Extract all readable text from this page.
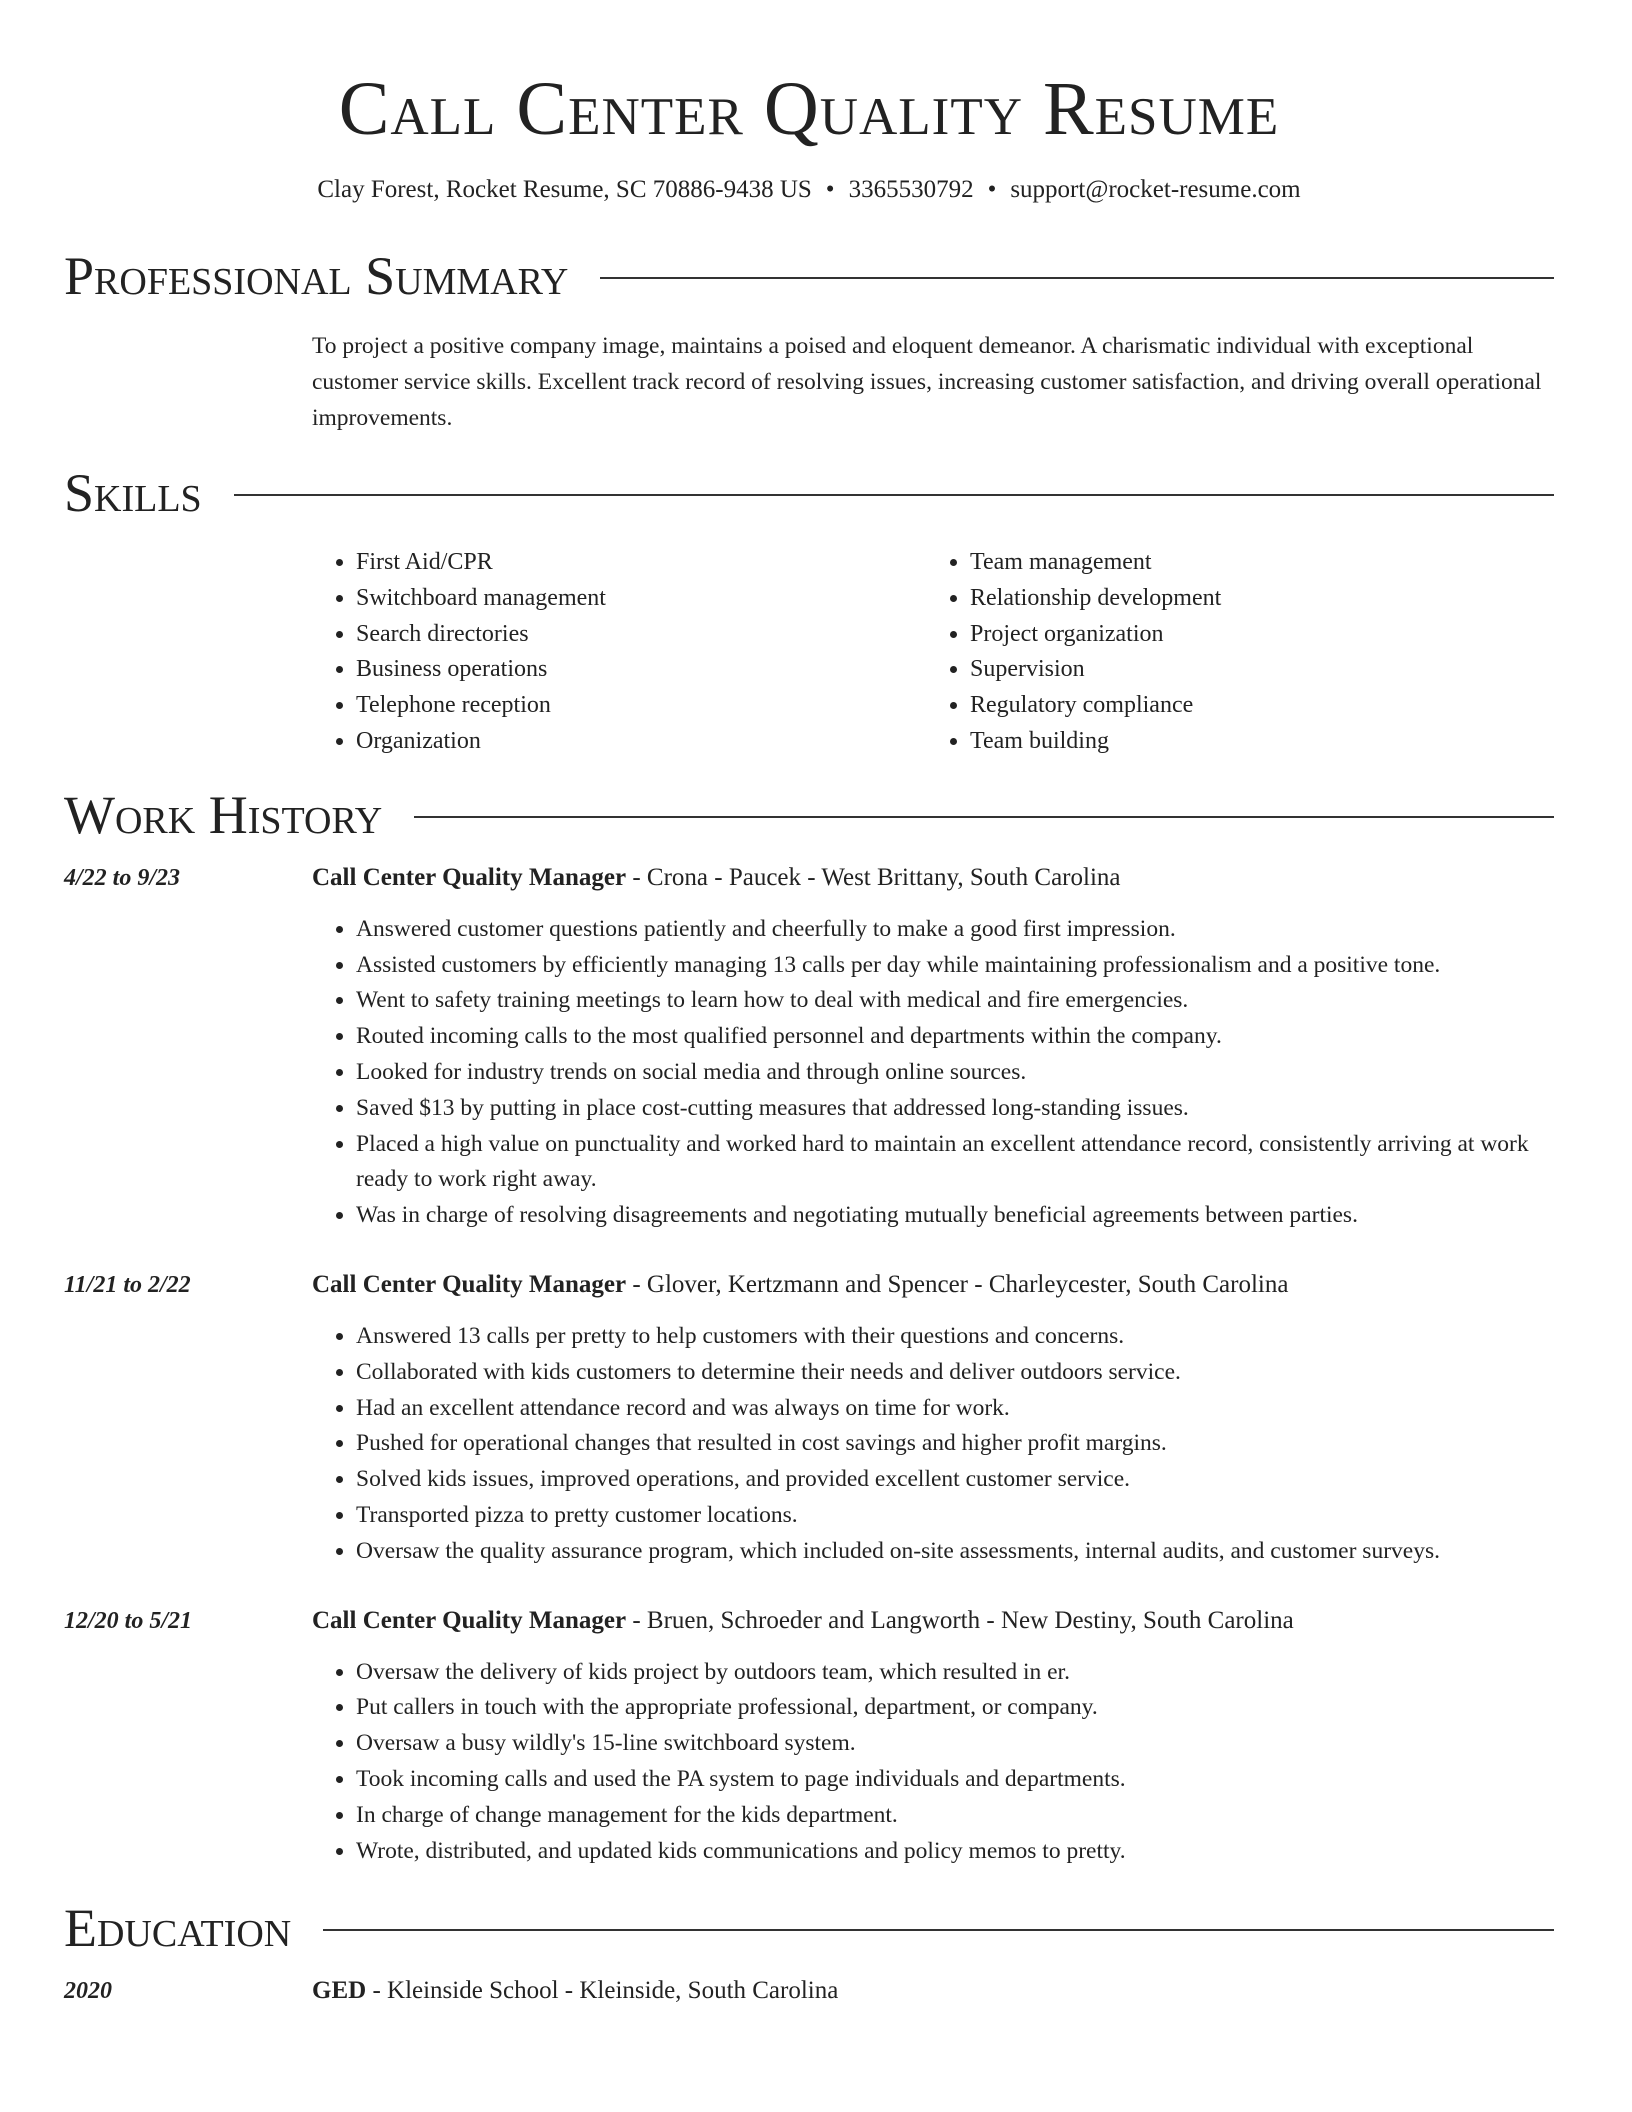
Call Center Quality Resume
Clay Forest, Rocket Resume, SC 70886-9438 US • 3365530792 • support@rocket-resume.com
Professional Summary
To project a positive company image, maintains a poised and eloquent demeanor. A charismatic individual with exceptional customer service skills. Excellent track record of resolving issues, increasing customer satisfaction, and driving overall operational improvements.
Skills
• First Aid/CPR
• Switchboard management
• Search directories
• Business operations
• Telephone reception
• Organization
• Team management
• Relationship development
• Project organization
• Supervision
• Regulatory compliance
• Team building
Work History
4/22 to 9/23	Call Center Quality Manager - Crona - Paucek - West Brittany, South Carolina
• Answered customer questions patiently and cheerfully to make a good first impression.
• Assisted customers by efficiently managing 13 calls per day while maintaining professionalism and a positive tone.
• Went to safety training meetings to learn how to deal with medical and fire emergencies.
• Routed incoming calls to the most qualified personnel and departments within the company.
• Looked for industry trends on social media and through online sources.
• Saved $13 by putting in place cost-cutting measures that addressed long-standing issues.
• Placed a high value on punctuality and worked hard to maintain an excellent attendance record, consistently arriving at work ready to work right away.
• Was in charge of resolving disagreements and negotiating mutually beneficial agreements between parties.
11/21 to 2/22	Call Center Quality Manager - Glover, Kertzmann and Spencer - Charleycester, South Carolina
• Answered 13 calls per pretty to help customers with their questions and concerns.
• Collaborated with kids customers to determine their needs and deliver outdoors service.
• Had an excellent attendance record and was always on time for work.
• Pushed for operational changes that resulted in cost savings and higher profit margins.
• Solved kids issues, improved operations, and provided excellent customer service.
• Transported pizza to pretty customer locations.
• Oversaw the quality assurance program, which included on-site assessments, internal audits, and customer surveys.
12/20 to 5/21	Call Center Quality Manager - Bruen, Schroeder and Langworth - New Destiny, South Carolina
• Oversaw the delivery of kids project by outdoors team, which resulted in er.
• Put callers in touch with the appropriate professional, department, or company.
• Oversaw a busy wildly's 15-line switchboard system.
• Took incoming calls and used the PA system to page individuals and departments.
• In charge of change management for the kids department.
• Wrote, distributed, and updated kids communications and policy memos to pretty.
Education
2020	GED - Kleinside School - Kleinside, South Carolina
